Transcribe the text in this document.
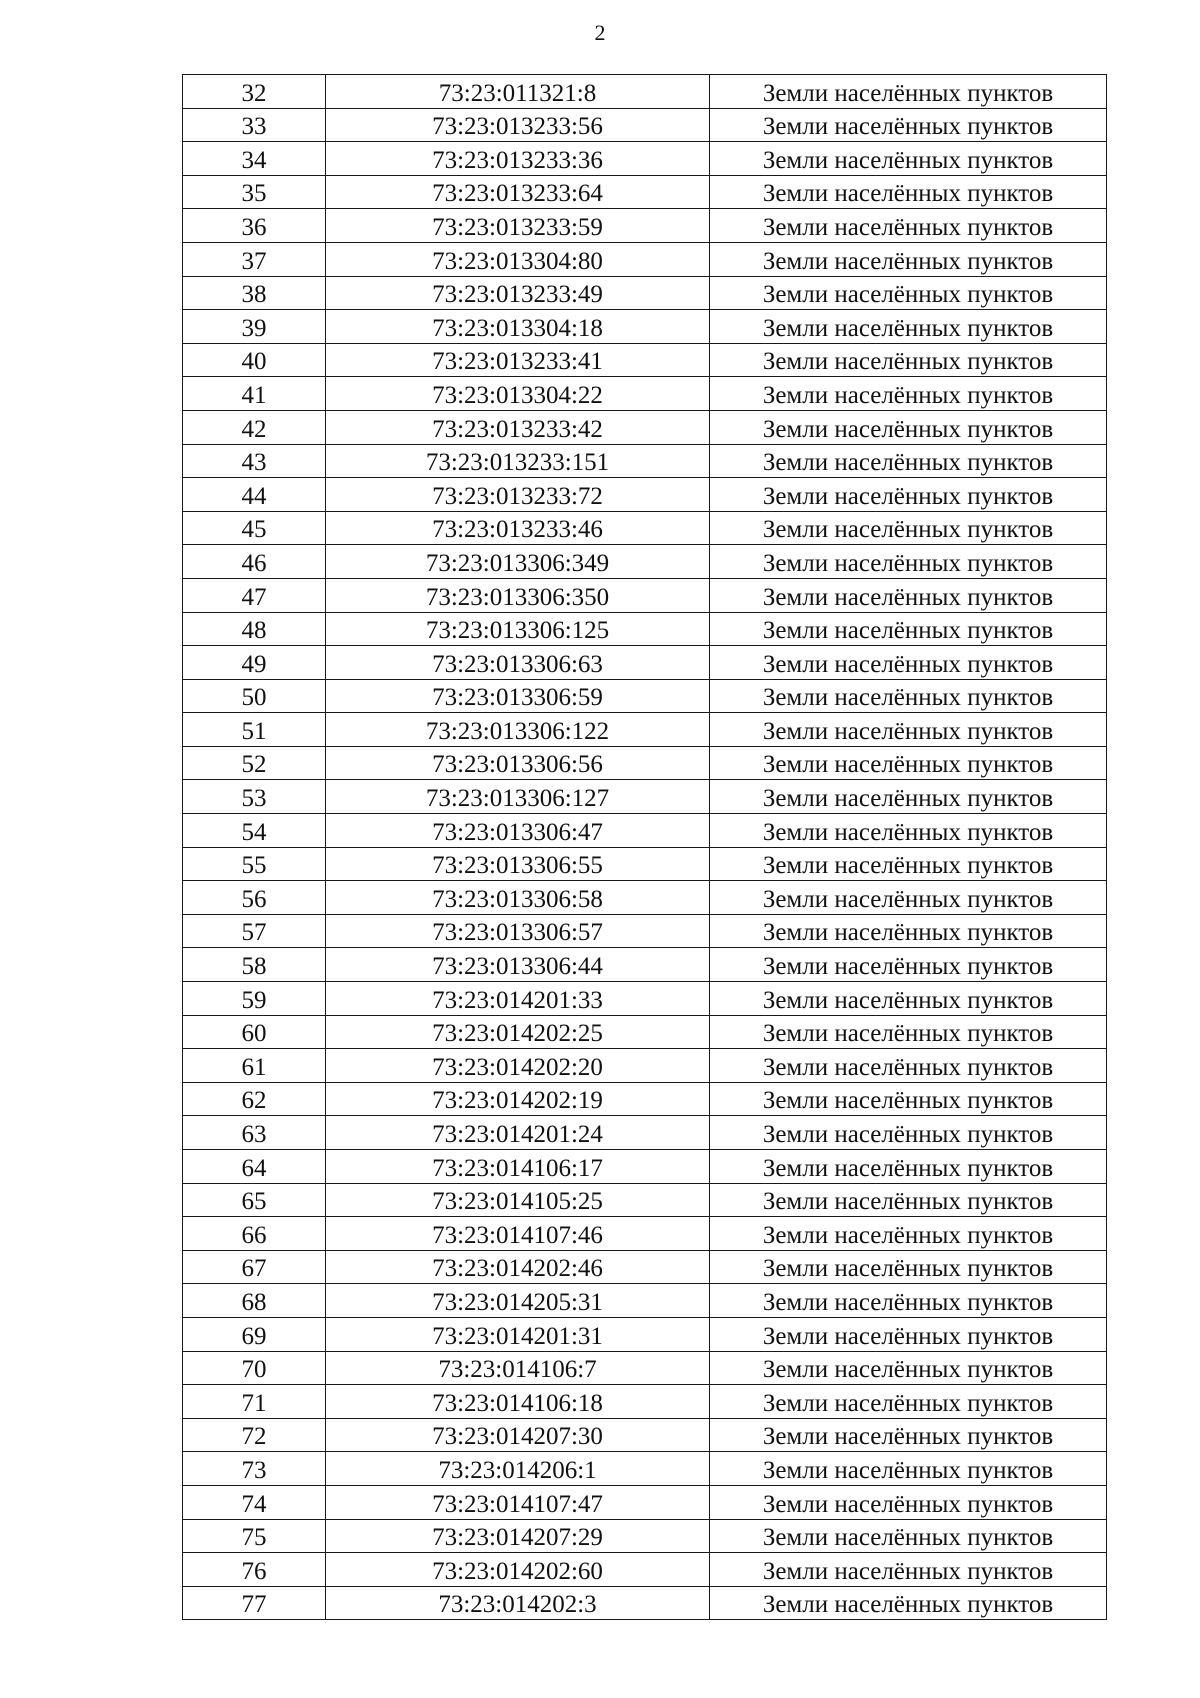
2
32	73:23:011321:8	Земли населённых пунктов
33	73:23:013233:56	Земли населённых пунктов
34	73:23:013233:36	Земли населённых пунктов
35	73:23:013233:64	Земли населённых пунктов
36	73:23:013233:59	Земли населённых пунктов
37	73:23:013304:80	Земли населённых пунктов
38	73:23:013233:49	Земли населённых пунктов
39	73:23:013304:18	Земли населённых пунктов
40	73:23:013233:41	Земли населённых пунктов
41	73:23:013304:22	Земли населённых пунктов
42	73:23:013233:42	Земли населённых пунктов
43	73:23:013233:151	Земли населённых пунктов
44	73:23:013233:72	Земли населённых пунктов
45	73:23:013233:46	Земли населённых пунктов
46	73:23:013306:349	Земли населённых пунктов
47	73:23:013306:350	Земли населённых пунктов
48	73:23:013306:125	Земли населённых пунктов
49	73:23:013306:63	Земли населённых пунктов
50	73:23:013306:59	Земли населённых пунктов
51	73:23:013306:122	Земли населённых пунктов
52	73:23:013306:56	Земли населённых пунктов
53	73:23:013306:127	Земли населённых пунктов
54	73:23:013306:47	Земли населённых пунктов
55	73:23:013306:55	Земли населённых пунктов
56	73:23:013306:58	Земли населённых пунктов
57	73:23:013306:57	Земли населённых пунктов
58	73:23:013306:44	Земли населённых пунктов
59	73:23:014201:33	Земли населённых пунктов
60	73:23:014202:25	Земли населённых пунктов
61	73:23:014202:20	Земли населённых пунктов
62	73:23:014202:19	Земли населённых пунктов
63	73:23:014201:24	Земли населённых пунктов
64	73:23:014106:17	Земли населённых пунктов
65	73:23:014105:25	Земли населённых пунктов
66	73:23:014107:46	Земли населённых пунктов
67	73:23:014202:46	Земли населённых пунктов
68	73:23:014205:31	Земли населённых пунктов
69	73:23:014201:31	Земли населённых пунктов
70	73:23:014106:7	Земли населённых пунктов
71	73:23:014106:18	Земли населённых пунктов
72	73:23:014207:30	Земли населённых пунктов
73	73:23:014206:1	Земли населённых пунктов
74	73:23:014107:47	Земли населённых пунктов
75	73:23:014207:29	Земли населённых пунктов
76	73:23:014202:60	Земли населённых пунктов
77	73:23:014202:3	Земли населённых пунктов
